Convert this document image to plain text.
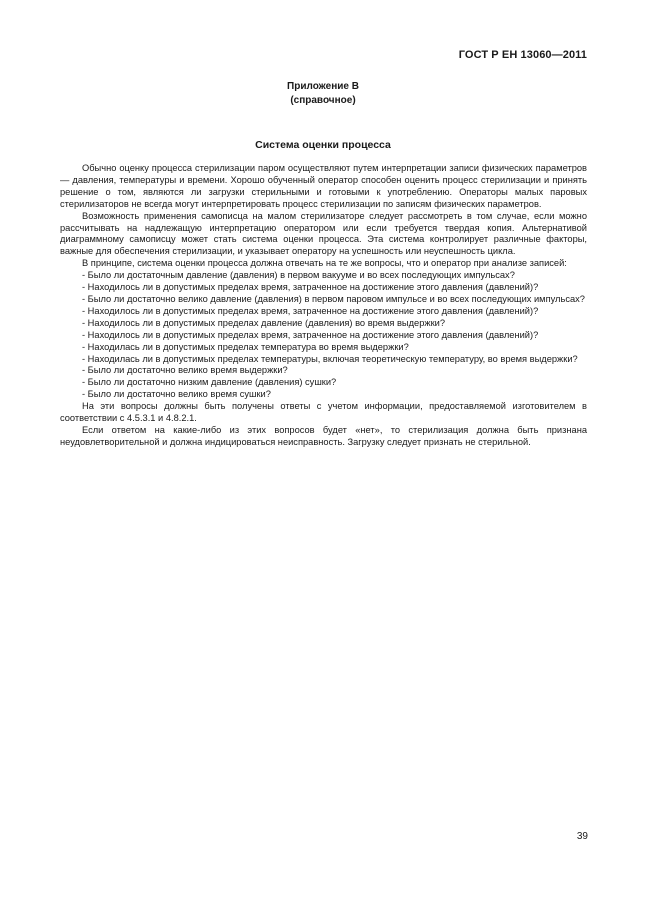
ГОСТ Р ЕН 13060—2011
Приложение В
(справочное)
Система оценки процесса

Обычно оценку процесса стерилизации паром осуществляют путем интерпретации записи физических параметров — давления, температуры и времени. Хорошо обученный оператор способен оценить процесс стерилизации и принять решение о том, являются ли загрузки стерильными и готовыми к употреблению. Операторы малых паровых стерилизаторов не всегда могут интерпретировать процесс стерилизации по записям физических параметров.

Возможность применения самописца на малом стерилизаторе следует рассмотреть в том случае, если можно рассчитывать на надлежащую интерпретацию оператором или если требуется твердая копия. Альтернативой диаграммному самописцу может стать система оценки процесса. Эта система контролирует различные факторы, важные для обеспечения стерилизации, и указывает оператору на успешность или неуспешность цикла.

В принципе, система оценки процесса должна отвечать на те же вопросы, что и оператор при анализе записей:

- Было ли достаточным давление (давления) в первом вакууме и во всех последующих импульсах?

- Находилось ли в допустимых пределах время, затраченное на достижение этого давления (давлений)?

- Было ли достаточно велико давление (давления) в первом паровом импульсе и во всех последующих импульсах?

- Находилось ли в допустимых пределах время, затраченное на достижение этого давления (давлений)?

- Находилось ли в допустимых пределах давление (давления) во время выдержки?

- Находилось ли в допустимых пределах время, затраченное на достижение этого давления (давлений)?

- Находилась ли в допустимых пределах температура во время выдержки?

- Находилась ли в допустимых пределах температуры, включая теоретическую температуру, во время выдержки?

- Было ли достаточно велико время выдержки?

- Было ли достаточно низким давление (давления) сушки?

- Было ли достаточно велико время сушки?

На эти вопросы должны быть получены ответы с учетом информации, предоставляемой изготовителем в соответствии с 4.5.3.1 и 4.8.2.1.

Если ответом на какие-либо из этих вопросов будет «нет», то стерилизация должна быть признана неудовлетворительной и должна индицироваться неисправность. Загрузку следует признать не стерильной.

39
